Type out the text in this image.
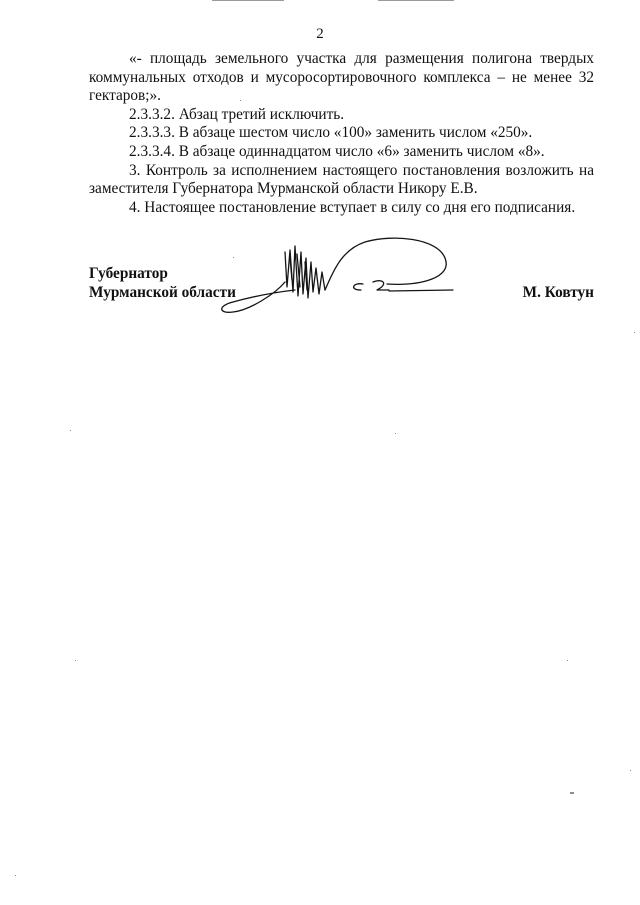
2

«- площадь земельного участка для размещения полигона твердых коммунальных отходов и мусоросортировочного комплекса – не менее 32 гектаров;».

2.3.3.2. Абзац третий исключить.

2.3.3.3. В абзаце шестом число «100» заменить числом «250».

2.3.3.4. В абзаце одиннадцатом число «6» заменить числом «8».

3. Контроль за исполнением настоящего постановления возложить на заместителя Губернатора Мурманской области Никору Е.В.

4. Настоящее постановление вступает в силу со дня его подписания.

Губернатор
Мурманской области	М. Ковтун
